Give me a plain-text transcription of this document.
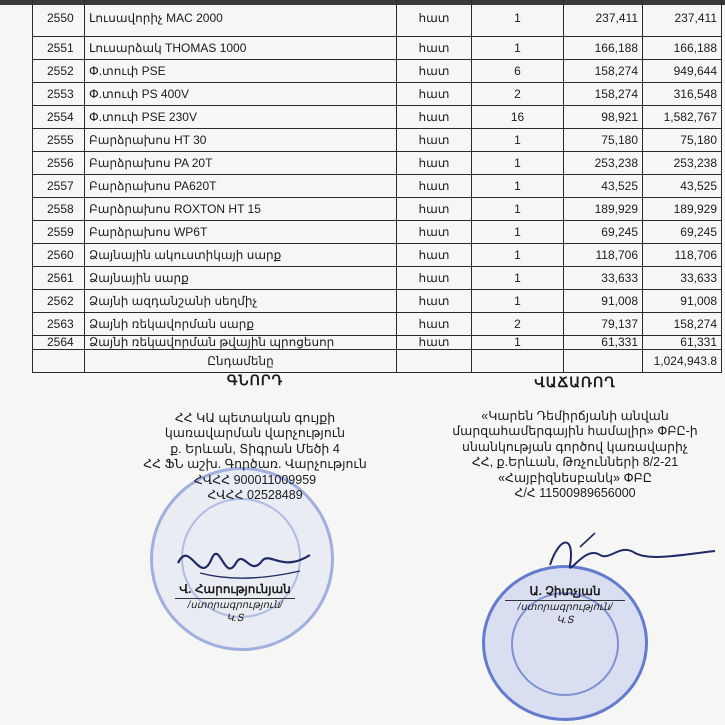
2550	Լուսավորիչ MAC 2000	հատ	1	237,411	237,411
2551	Լուսարձակ THOMAS 1000	հատ	1	166,188	166,188
2552	Փ.տուփ PSE	հատ	6	158,274	949,644
2553	Փ.տուփ PS 400V	հատ	2	158,274	316,548
2554	Փ.տուփ PSE 230V	հատ	16	98,921	1,582,767
2555	Բարձրախոս HT 30	հատ	1	75,180	75,180
2556	Բարձրախոս PA 20T	հատ	1	253,238	253,238
2557	Բարձրախոս PA620T	հատ	1	43,525	43,525
2558	Բարձրախոս ROXTON HT 15	հատ	1	189,929	189,929
2559	Բարձրախոս WP6T	հատ	1	69,245	69,245
2560	Ձայնային ակուստիկայի սարք	հատ	1	118,706	118,706
2561	Ձայնային սարք	հատ	1	33,633	33,633
2562	Ձայնի ազդանշանի սեղմիչ	հատ	1	91,008	91,008
2563	Ձայնի ռեկավորման սարք	հատ	2	79,137	158,274
2564	Ձայնի ռեկավորման թվային պրոցեսոր	հատ	1	61,331	61,331
	Ընդամենը				1,024,943.8
ԳՆՈՐԴ
ՀՀ ԿԱ պետական գույքի
կառավարման վարչություն
ք. Երևան, Տիգրան Մեծի 4
ՀՀ ՖՆ աշխ. Գործառ. Վարչություն
ՀՎՀՀ 900011009959
ՀՎՀՀ 02528489
ՎԱՃԱՌՈՂ
«Կարեն Դեմիրճյանի անվան
մարզահամերգային համալիր» ՓԲԸ-ի
սնանկության գործով կառավարիչ
ՀՀ, ք.Երևան, Թռչունների 8/2-21
«Հայբիզնեսբանկ» ՓԲԸ
Հ/Հ 11500989656000
Վ. Հարությունյան
/ստորագրություն/
Կ.Տ
Ա. Չիտչյան
/ստորագրություն/
Կ.Տ
